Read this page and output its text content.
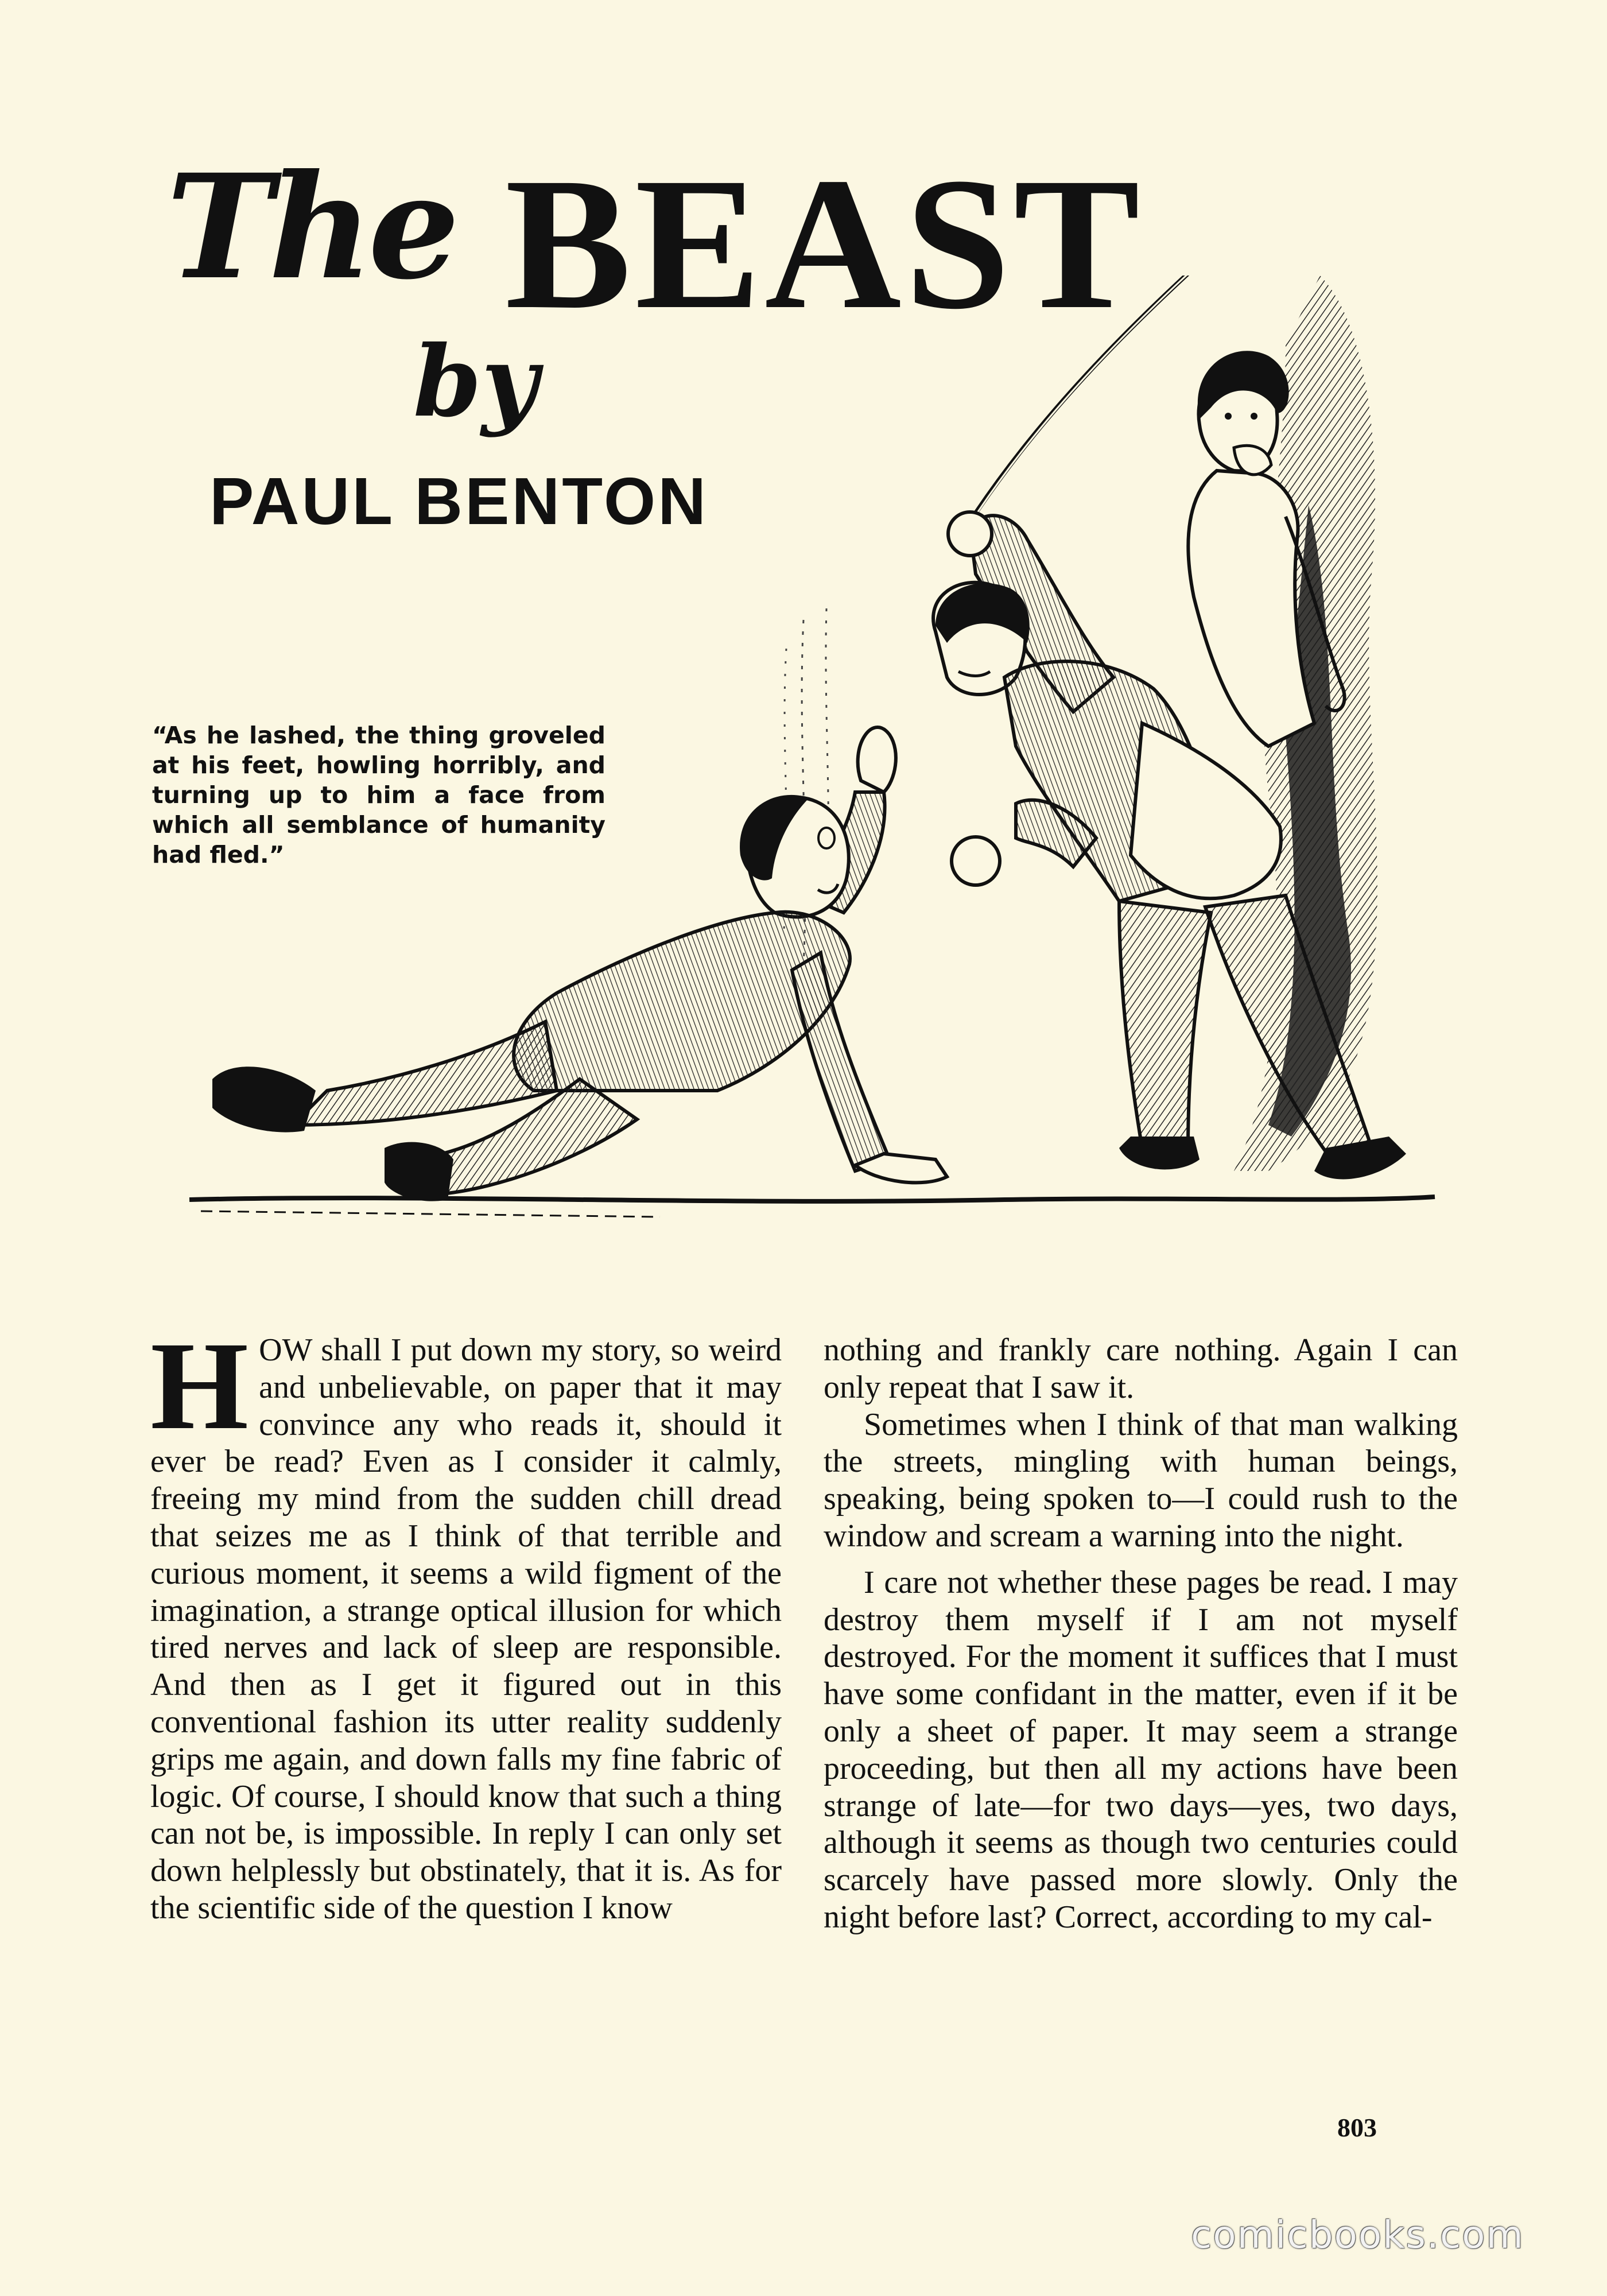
The BEAST
by
PAUL BENTON
“As he lashed, the thing groveled at his feet, howling horribly, and turning up to him a face from which all semblance of humanity had fled.”

HOW shall I put down my story, so weird and unbelievable, on paper that it may convince any who reads it, should it ever be read? Even as I consider it calmly, freeing my mind from the sudden chill dread that seizes me as I think of that terrible and curious moment, it seems a wild figment of the imagination, a strange optical illusion for which tired nerves and lack of sleep are responsible. And then as I get it figured out in this conventional fashion its utter reality suddenly grips me again, and down falls my fine fabric of logic. Of course, I should know that such a thing can not be, is impossible. In reply I can only set down helplessly but obstinately, that it is. As for the scientific side of the question I know

nothing and frankly care nothing. Again I can only repeat that I saw it.

Sometimes when I think of that man walking the streets, mingling with human beings, speaking, being spoken to—I could rush to the window and scream a warning into the night.

I care not whether these pages be read. I may destroy them myself if I am not myself destroyed. For the moment it suffices that I must have some confidant in the matter, even if it be only a sheet of paper. It may seem a strange proceeding, but then all my actions have been strange of late—for two days—yes, two days, although it seems as though two centuries could scarcely have passed more slowly. Only the night before last? Correct, according to my cal-

803
comicbooks.com
